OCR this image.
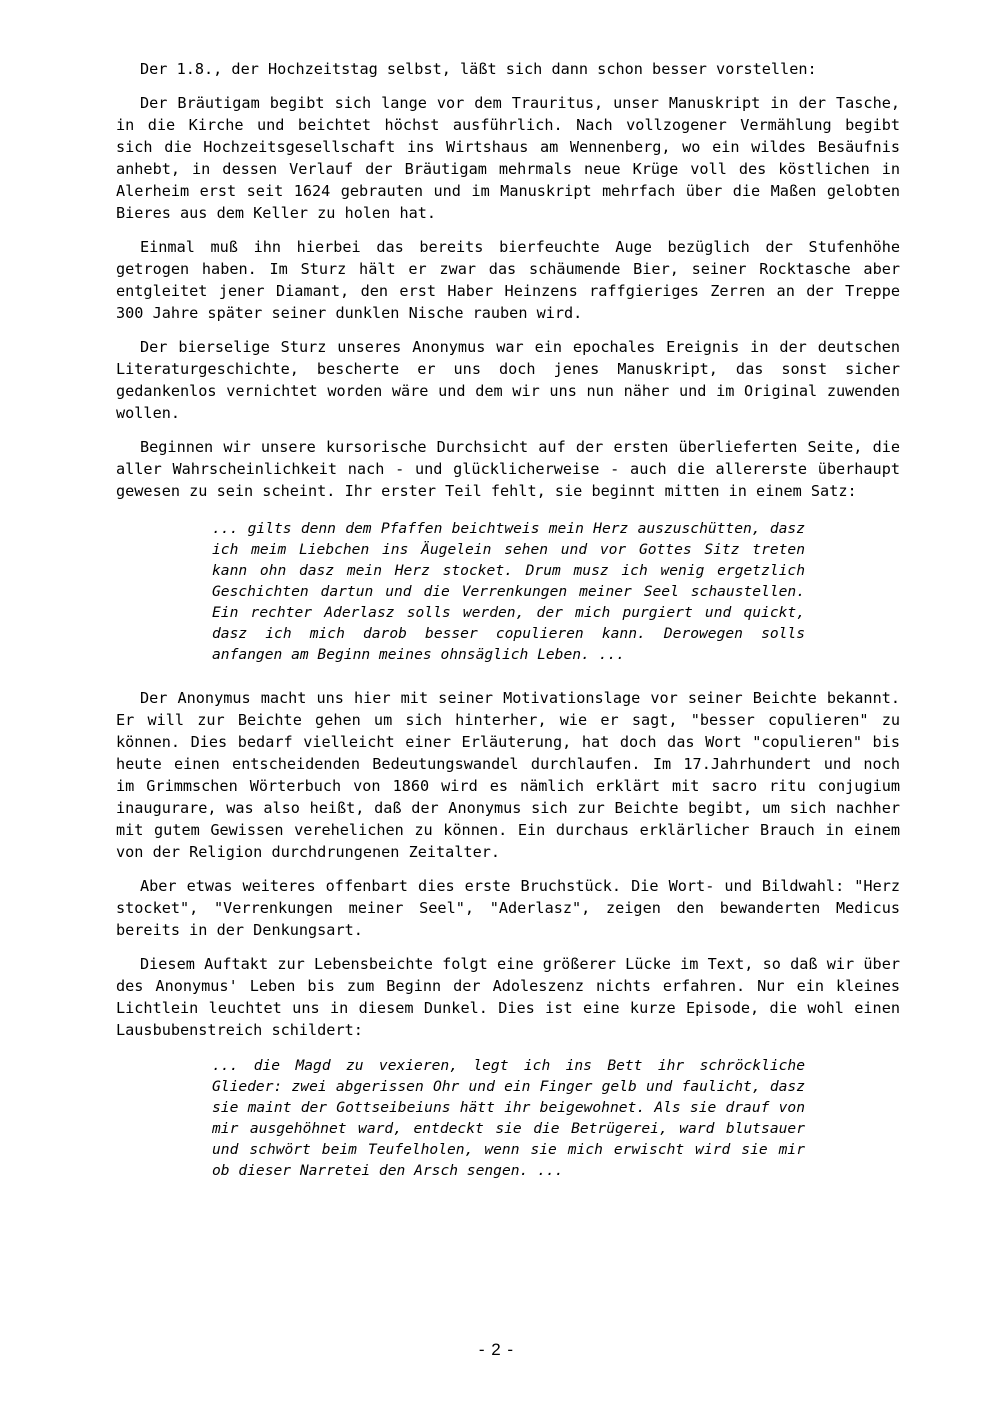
Der 1.8., der Hochzeitstag selbst, läßt sich dann schon besser vorstellen:

Der Bräutigam begibt sich lange vor dem Trauritus, unser Manuskript in der Tasche, in die Kirche und beichtet höchst ausführlich. Nach vollzogener Vermählung begibt sich die Hochzeitsgesellschaft ins Wirtshaus am Wennenberg, wo ein wildes Besäufnis anhebt, in dessen Verlauf der Bräutigam mehrmals neue Krüge voll des köstlichen in Alerheim erst seit 1624 gebrauten und im Manuskript mehrfach über die Maßen gelobten Bieres aus dem Keller zu holen hat.

Einmal muß ihn hierbei das bereits bierfeuchte Auge bezüglich der Stufenhöhe getrogen haben. Im Sturz hält er zwar das schäumende Bier, seiner Rocktasche aber entgleitet jener Diamant, den erst Haber Heinzens raffgieriges Zerren an der Treppe 300 Jahre später seiner dunklen Nische rauben wird.

Der bierselige Sturz unseres Anonymus war ein epochales Ereignis in der deutschen Literaturgeschichte, bescherte er uns doch jenes Manuskript, das sonst sicher gedankenlos vernichtet worden wäre und dem wir uns nun näher und im Original zuwenden wollen.

Beginnen wir unsere kursorische Durchsicht auf der ersten überlieferten Seite, die aller Wahrscheinlichkeit nach - und glücklicherweise - auch die allererste überhaupt gewesen zu sein scheint. Ihr erster Teil fehlt, sie beginnt mitten in einem Satz:

... gilts denn dem Pfaffen beichtweis mein Herz auszuschütten, dasz ich meim Liebchen ins Äugelein sehen und vor Gottes Sitz treten kann ohn dasz mein Herz stocket. Drum musz ich wenig ergetzlich Geschichten dartun und die Verrenkungen meiner Seel schaustellen. Ein rechter Aderlasz solls werden, der mich purgiert und quickt, dasz ich mich darob besser copulieren kann. Derowegen solls anfangen am Beginn meines ohnsäglich Leben. ...

Der Anonymus macht uns hier mit seiner Motivationslage vor seiner Beichte bekannt. Er will zur Beichte gehen um sich hinterher, wie er sagt, "besser copulieren" zu können. Dies bedarf vielleicht einer Erläuterung, hat doch das Wort "copulieren" bis heute einen entscheidenden Bedeutungswandel durchlaufen. Im 17.Jahrhundert und noch im Grimmschen Wörterbuch von 1860 wird es nämlich erklärt mit sacro ritu conjugium inaugurare, was also heißt, daß der Anonymus sich zur Beichte begibt, um sich nachher mit gutem Gewissen verehelichen zu können. Ein durchaus erklärlicher Brauch in einem von der Religion durchdrungenen Zeitalter.

Aber etwas weiteres offenbart dies erste Bruchstück. Die Wort- und Bildwahl: "Herz stocket", "Verrenkungen meiner Seel", "Aderlasz", zeigen den bewanderten Medicus bereits in der Denkungsart.

Diesem Auftakt zur Lebensbeichte folgt eine größerer Lücke im Text, so daß wir über des Anonymus' Leben bis zum Beginn der Adoleszenz nichts erfahren. Nur ein kleines Lichtlein leuchtet uns in diesem Dunkel. Dies ist eine kurze Episode, die wohl einen Lausbubenstreich schildert:

... die Magd zu vexieren, legt ich ins Bett ihr schröckliche Glieder: zwei abgerissen Ohr und ein Finger gelb und faulicht, dasz sie maint der Gottseibeiuns hätt ihr beigewohnet. Als sie drauf von mir ausgehöhnet ward, entdeckt sie die Betrügerei, ward blutsauer und schwört beim Teufelholen, wenn sie mich erwischt wird sie mir ob dieser Narretei den Arsch sengen. ...
- 2 -
